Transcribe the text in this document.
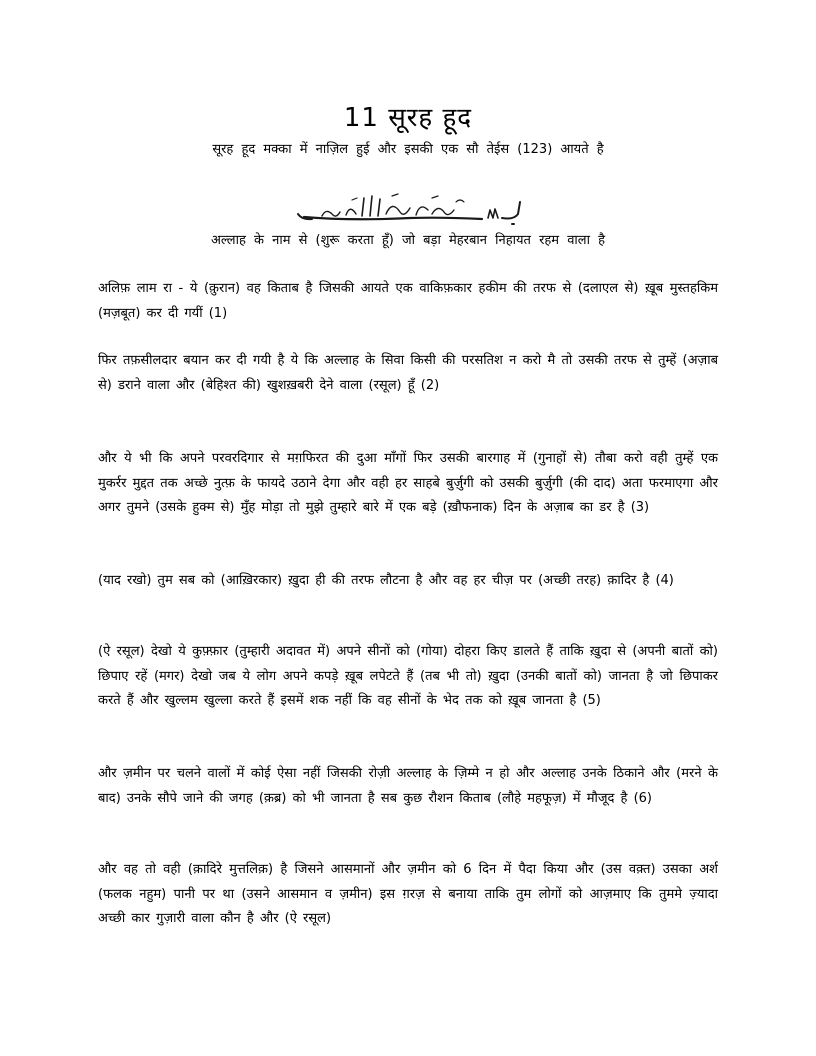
11 सूरह हूद
सूरह हूद मक्का में नाज़िल हुई और इसकी एक सौ तेईस (123) आयते है
अल्लाह के नाम से (शुरू करता हूँ) जो बड़ा मेहरबान निहायत रहम वाला है
अलिफ़ लाम रा - ये (क़ुरान) वह किताब है जिसकी आयते एक वाकिफ़कार हकीम की तरफ से (दलाएल से) ख़ूब मुस्तहकिम (मज़बूत) कर दी गयीं (1)
फिर तफ़सीलदार बयान कर दी गयी है ये कि अल्लाह के सिवा किसी की परसतिश न करो मै तो उसकी तरफ से तुम्हें (अज़ाब से) डराने वाला और (बेहिश्त की) खुशख़बरी देने वाला (रसूल) हूँ (2)
और ये भी कि अपने परवरदिगार से मग़फिरत की दुआ माँगों फिर उसकी बारगाह में (गुनाहों से) तौबा करो वही तुम्हें एक मुकर्रर मुद्दत तक अच्छे नुत्फ़ के फायदे उठाने देगा और वही हर साहबे बुर्ज़ुगी को उसकी बुर्ज़ुगी (की दाद) अता फरमाएगा और अगर तुमने (उसके हुक्म से) मुँह मोड़ा तो मुझे तुम्हारे बारे में एक बड़े (ख़ौफनाक) दिन के अज़ाब का डर है (3)
(याद रखो) तुम सब को (आख़िरकार) ख़ुदा ही की तरफ लौटना है और वह हर चीज़ पर (अच्छी तरह) क़ादिर है (4)
(ऐ रसूल) देखो ये कुफ़्फ़ार (तुम्हारी अदावत में) अपने सीनों को (गोया) दोहरा किए डालते हैं ताकि ख़ुदा से (अपनी बातों को) छिपाए रहें (मगर) देखो जब ये लोग अपने कपड़े ख़ूब लपेटते हैं (तब भी तो) ख़ुदा (उनकी बातों को) जानता है जो छिपाकर करते हैं और खुल्लम खुल्ला करते हैं इसमें शक नहीं कि वह सीनों के भेद तक को ख़ूब जानता है (5)
और ज़मीन पर चलने वालों में कोई ऐसा नहीं जिसकी रोज़ी अल्लाह के ज़िम्मे न हो और अल्लाह उनके ठिकाने और (मरने के बाद) उनके सौपे जाने की जगह (क़ब्र) को भी जानता है सब कुछ रौशन किताब (लौहे महफूज़) में मौजूद है (6)
और वह तो वही (क़ादिरे मुत्तलिक़) है जिसने आसमानों और ज़मीन को 6 दिन में पैदा किया और (उस वक़्त) उसका अर्श (फलक नहुम) पानी पर था (उसने आसमान व ज़मीन) इस ग़रज़ से बनाया ताकि तुम लोगों को आज़माए कि तुममे ज़्यादा अच्छी कार गुज़ारी वाला कौन है और (ऐ रसूल)
